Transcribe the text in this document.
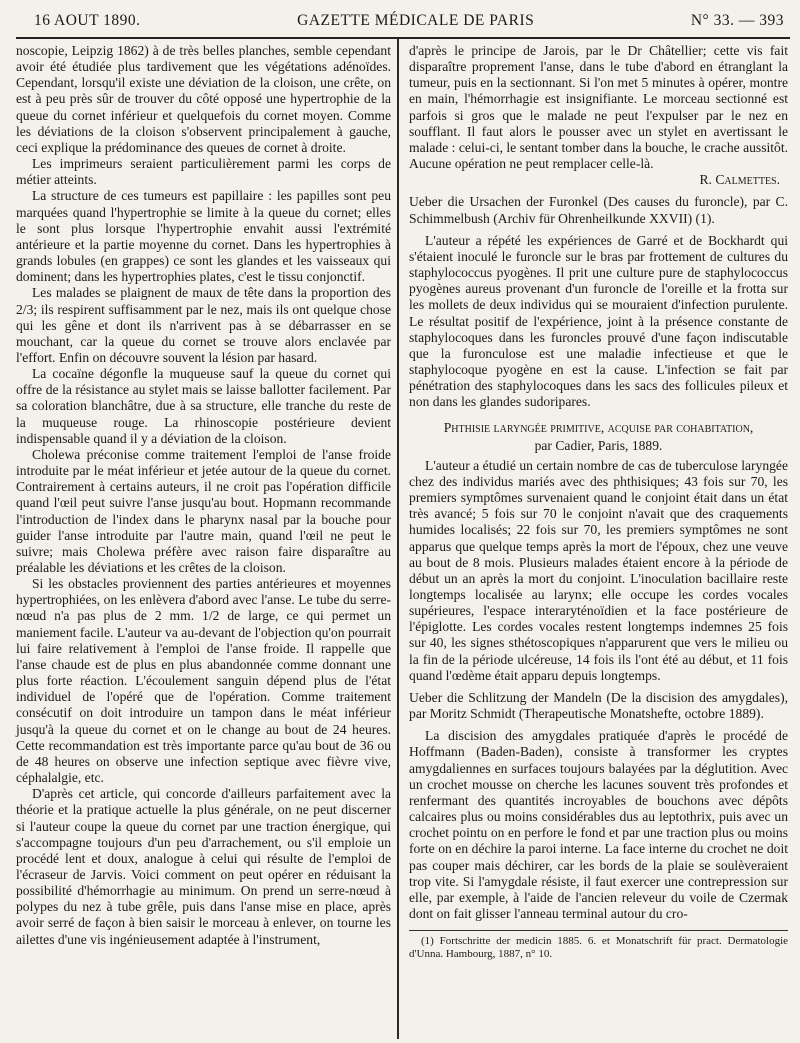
16 AOUT 1890.	GAZETTE MÉDICALE DE PARIS	N° 33. — 393

noscopie, Leipzig 1862) à de très belles planches, semble cependant avoir été étudiée plus tardivement que les végétations adénoïdes. Cependant, lorsqu'il existe une déviation de la cloison, une crête, on est à peu près sûr de trouver du côté opposé une hypertrophie de la queue du cornet inférieur et quelquefois du cornet moyen. Comme les déviations de la cloison s'observent principalement à gauche, ceci explique la prédominance des queues de cornet à droite.

Les imprimeurs seraient particulièrement parmi les corps de métier atteints.

La structure de ces tumeurs est papillaire : les papilles sont peu marquées quand l'hypertrophie se limite à la queue du cornet; elles le sont plus lorsque l'hypertrophie envahit aussi l'extrémité antérieure et la partie moyenne du cornet. Dans les hypertrophies à grands lobules (en grappes) ce sont les glandes et les vaisseaux qui dominent; dans les hypertrophies plates, c'est le tissu conjonctif.

Les malades se plaignent de maux de tête dans la proportion des 2/3; ils respirent suffisamment par le nez, mais ils ont quelque chose qui les gêne et dont ils n'arrivent pas à se débarrasser en se mouchant, car la queue du cornet se trouve alors enclavée par l'effort. Enfin on découvre souvent la lésion par hasard.

La cocaïne dégonfle la muqueuse sauf la queue du cornet qui offre de la résistance au stylet mais se laisse ballotter facilement. Par sa coloration blanchâtre, due à sa structure, elle tranche du reste de la muqueuse rouge. La rhinoscopie postérieure devient indispensable quand il y a déviation de la cloison.

Cholewa préconise comme traitement l'emploi de l'anse froide introduite par le méat inférieur et jetée autour de la queue du cornet. Contrairement à certains auteurs, il ne croit pas l'opération difficile quand l'œil peut suivre l'anse jusqu'au bout. Hopmann recommande l'introduction de l'index dans le pharynx nasal par la bouche pour guider l'anse introduite par l'autre main, quand l'œil ne peut le suivre; mais Cholewa préfère avec raison faire disparaître au préalable les déviations et les crêtes de la cloison.

Si les obstacles proviennent des parties antérieures et moyennes hypertrophiées, on les enlèvera d'abord avec l'anse. Le tube du serre-nœud n'a pas plus de 2 mm. 1/2 de large, ce qui permet un maniement facile. L'auteur va au-devant de l'objection qu'on pourrait lui faire relativement à l'emploi de l'anse froide. Il rappelle que l'anse chaude est de plus en plus abandonnée comme donnant une plus forte réaction. L'écoulement sanguin dépend plus de l'état individuel de l'opéré que de l'opération. Comme traitement consécutif on doit introduire un tampon dans le méat inférieur jusqu'à la queue du cornet et on le change au bout de 24 heures. Cette recommandation est très importante parce qu'au bout de 36 ou de 48 heures on observe une infection septique avec fièvre vive, céphalalgie, etc.

D'après cet article, qui concorde d'ailleurs parfaitement avec la théorie et la pratique actuelle la plus générale, on ne peut discerner si l'auteur coupe la queue du cornet par une traction énergique, qui s'accompagne toujours d'un peu d'arrachement, ou s'il emploie un procédé lent et doux, analogue à celui qui résulte de l'emploi de l'écraseur de Jarvis. Voici comment on peut opérer en réduisant la possibilité d'hémorrhagie au minimum. On prend un serre-nœud à polypes du nez à tube grêle, puis dans l'anse mise en place, après avoir serré de façon à bien saisir le morceau à enlever, on tourne les ailettes d'une vis ingénieusement adaptée à l'instrument,

d'après le principe de Jarois, par le Dr Châtellier; cette vis fait disparaître proprement l'anse, dans le tube d'abord en étranglant la tumeur, puis en la sectionnant. Si l'on met 5 minutes à opérer, montre en main, l'hémorrhagie est insignifiante. Le morceau sectionné est parfois si gros que le malade ne peut l'expulser par le nez en soufflant. Il faut alors le pousser avec un stylet en avertissant le malade : celui-ci, le sentant tomber dans la bouche, le crache aussitôt. Aucune opération ne peut remplacer celle-là.

R. Calmettes.

Ueber die Ursachen der Furonkel (Des causes du furoncle), par C. Schimmelbush (Archiv für Ohrenheilkunde XXVII) (1).

L'auteur a répété les expériences de Garré et de Bockhardt qui s'étaient inoculé le furoncle sur le bras par frottement de cultures du staphylococcus pyogènes. Il prit une culture pure de staphylococcus pyogènes aureus provenant d'un furoncle de l'oreille et la frotta sur les mollets de deux individus qui se mouraient d'infection purulente. Le résultat positif de l'expérience, joint à la présence constante de staphylocoques dans les furoncles prouvé d'une façon indiscutable que la furonculose est une maladie infectieuse et que le staphylocoque pyogène en est la cause. L'infection se fait par pénétration des staphylocoques dans les sacs des follicules pileux et non dans les glandes sudoripares.

Phthisie laryngée primitive, acquise par cohabitation,

par Cadier, Paris, 1889.

L'auteur a étudié un certain nombre de cas de tuberculose laryngée chez des individus mariés avec des phthisiques; 43 fois sur 70, les premiers symptômes survenaient quand le conjoint était dans un état très avancé; 5 fois sur 70 le conjoint n'avait que des craquements humides localisés; 22 fois sur 70, les premiers symptômes ne sont apparus que quelque temps après la mort de l'époux, chez une veuve au bout de 8 mois. Plusieurs malades étaient encore à la période de début un an après la mort du conjoint. L'inoculation bacillaire reste longtemps localisée au larynx; elle occupe les cordes vocales supérieures, l'espace interaryténoïdien et la face postérieure de l'épiglotte. Les cordes vocales restent longtemps indemnes 25 fois sur 40, les signes sthétoscopiques n'apparurent que vers le milieu ou la fin de la période ulcéreuse, 14 fois ils l'ont été au début, et 11 fois quand l'œdème était apparu depuis longtemps.

Ueber die Schlitzung der Mandeln (De la discision des amygdales), par Moritz Schmidt (Therapeutische Monatshefte, octobre 1889).

La discision des amygdales pratiquée d'après le procédé de Hoffmann (Baden-Baden), consiste à transformer les cryptes amygdaliennes en surfaces toujours balayées par la déglutition. Avec un crochet mousse on cherche les lacunes souvent très profondes et renfermant des quantités incroyables de bouchons avec dépôts calcaires plus ou moins considérables dus au leptothrix, puis avec un crochet pointu on en perfore le fond et par une traction plus ou moins forte on en déchire la paroi interne. La face interne du crochet ne doit pas couper mais déchirer, car les bords de la plaie se soulèveraient trop vite. Si l'amygdale résiste, il faut exercer une contrepression sur elle, par exemple, à l'aide de l'ancien releveur du voile de Czermak dont on fait glisser l'anneau terminal autour du cro-

(1) Fortschritte der medicin 1885. 6. et Monatschrift für pract. Dermatologie d'Unna. Hambourg, 1887, n° 10.
